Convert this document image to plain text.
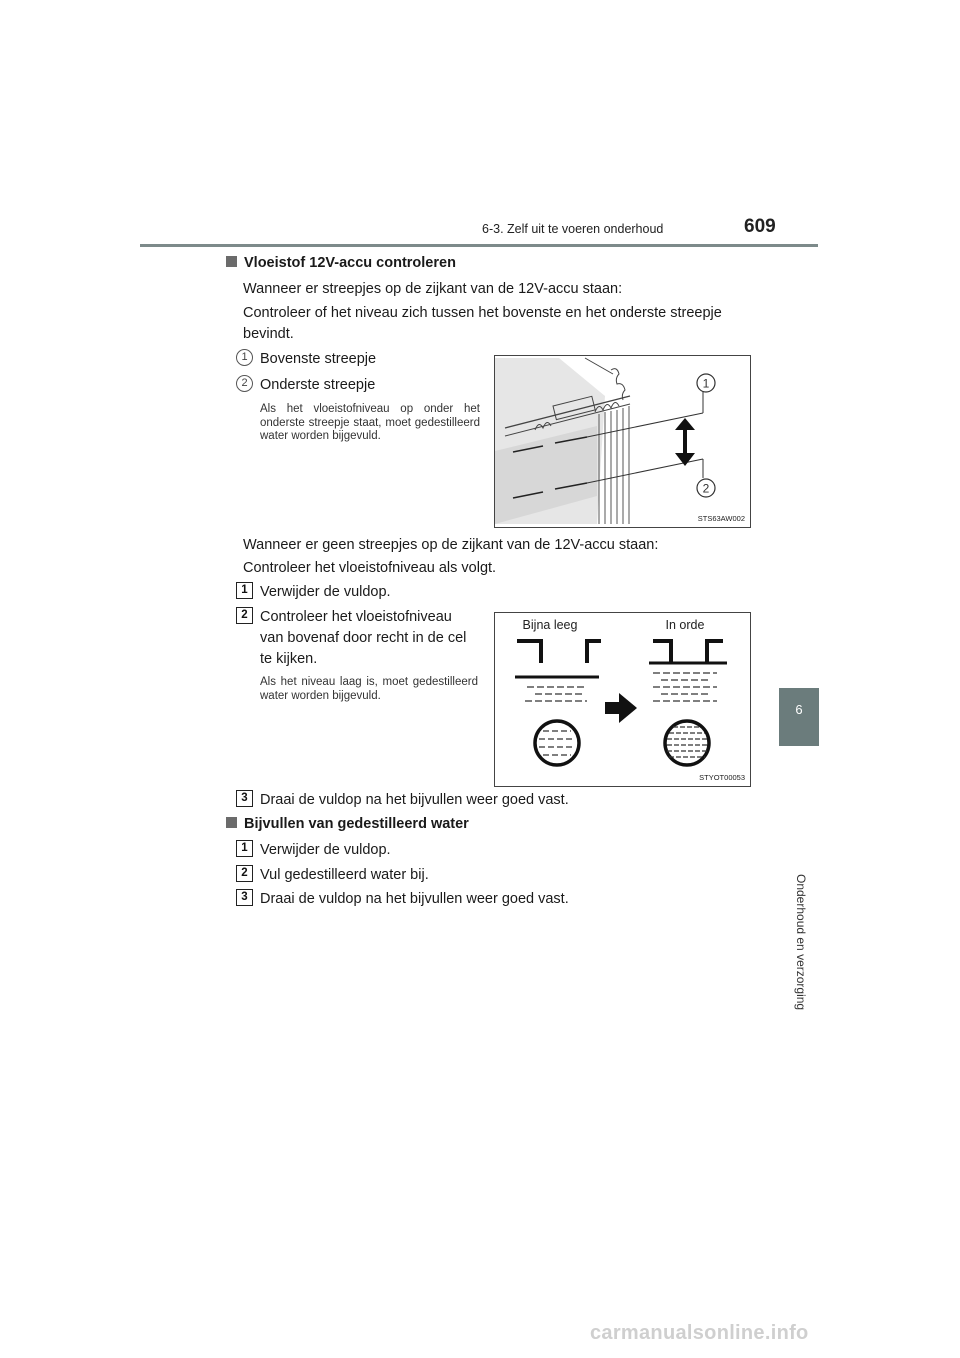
6-3. Zelf uit te voeren onderhoud	609
6
Onderhoud en verzorging
Vloeistof 12V-accu controleren
Wanneer er streepjes op de zijkant van de 12V-accu staan:
Controleer of het niveau zich tussen het bovenste en het onderste streepje
bevindt.
1 Bovenste streepje
2 Onderste streepje
Als het vloeistofniveau op onder het onderste streepje staat, moet gedestilleerd water worden bijgevuld.
1
2
STS63AW002
Wanneer er geen streepjes op de zijkant van de 12V-accu staan:
Controleer het vloeistofniveau als volgt.
1 Verwijder de vuldop.
2 Controleer het vloeistofniveau
van bovenaf door recht in de cel
te kijken.
Als het niveau laag is, moet gedestilleerd water worden bijgevuld.
Bijna leeg	In orde
STYOT00053
3 Draai de vuldop na het bijvullen weer goed vast.
Bijvullen van gedestilleerd water
1 Verwijder de vuldop.
2 Vul gedestilleerd water bij.
3 Draai de vuldop na het bijvullen weer goed vast.
carmanualsonline.info
